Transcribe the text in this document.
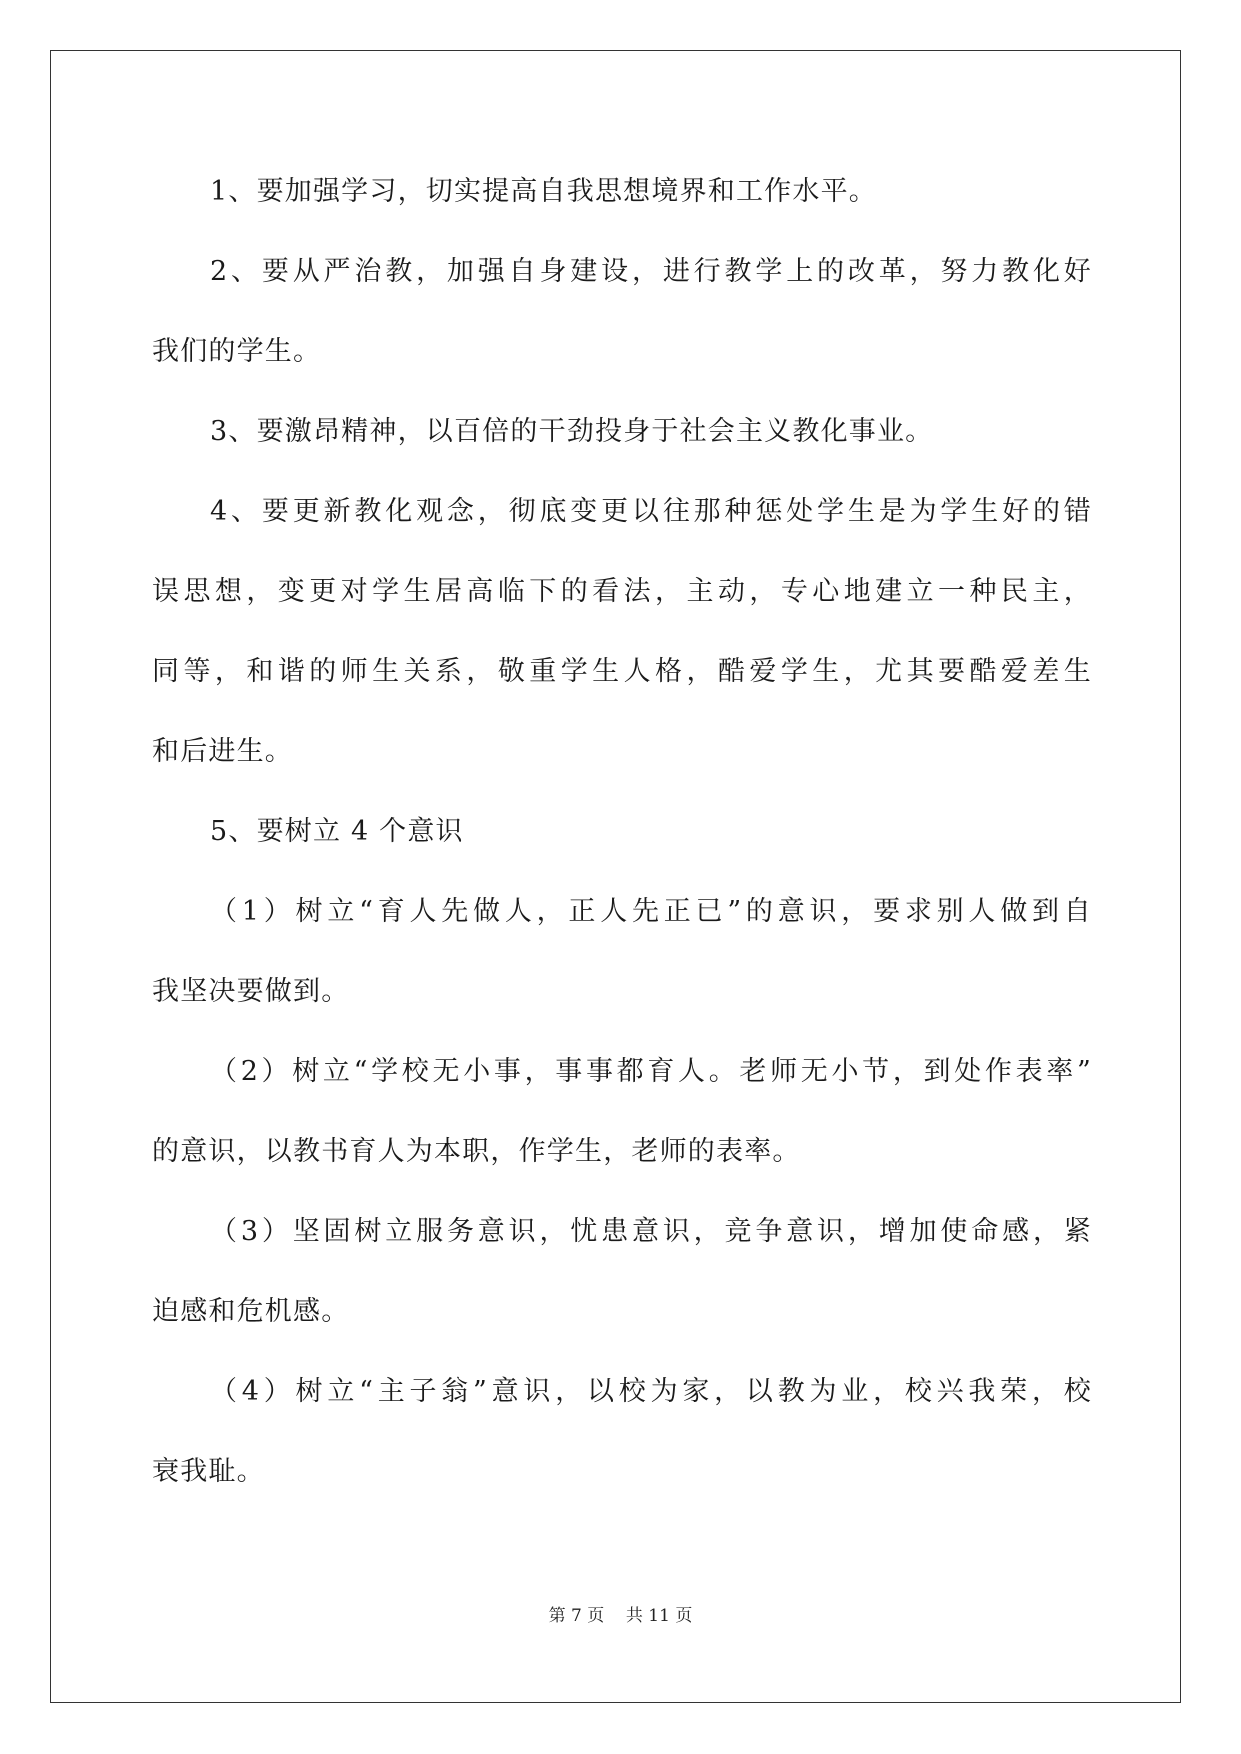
1、要加强学习，切实提高自我思想境界和工作水平。
2、要从严治教，加强自身建设，进行教学上的改革，努力教化好
我们的学生。
3、要激昂精神，以百倍的干劲投身于社会主义教化事业。
4、要更新教化观念，彻底变更以往那种惩处学生是为学生好的错
误思想，变更对学生居高临下的看法，主动，专心地建立一种民主，
同等，和谐的师生关系，敬重学生人格，酷爱学生，尤其要酷爱差生
和后进生。
5、要树立 4 个意识
（1）树立“育人先做人，正人先正已”的意识，要求别人做到自
我坚决要做到。
（2）树立“学校无小事，事事都育人。老师无小节，到处作表率”
的意识，以教书育人为本职，作学生，老师的表率。
（3）坚固树立服务意识，忧患意识，竞争意识，增加使命感，紧
迫感和危机感。
（4）树立“主子翁”意识，以校为家，以教为业，校兴我荣，校
衰我耻。
第 7 页    共 11 页
